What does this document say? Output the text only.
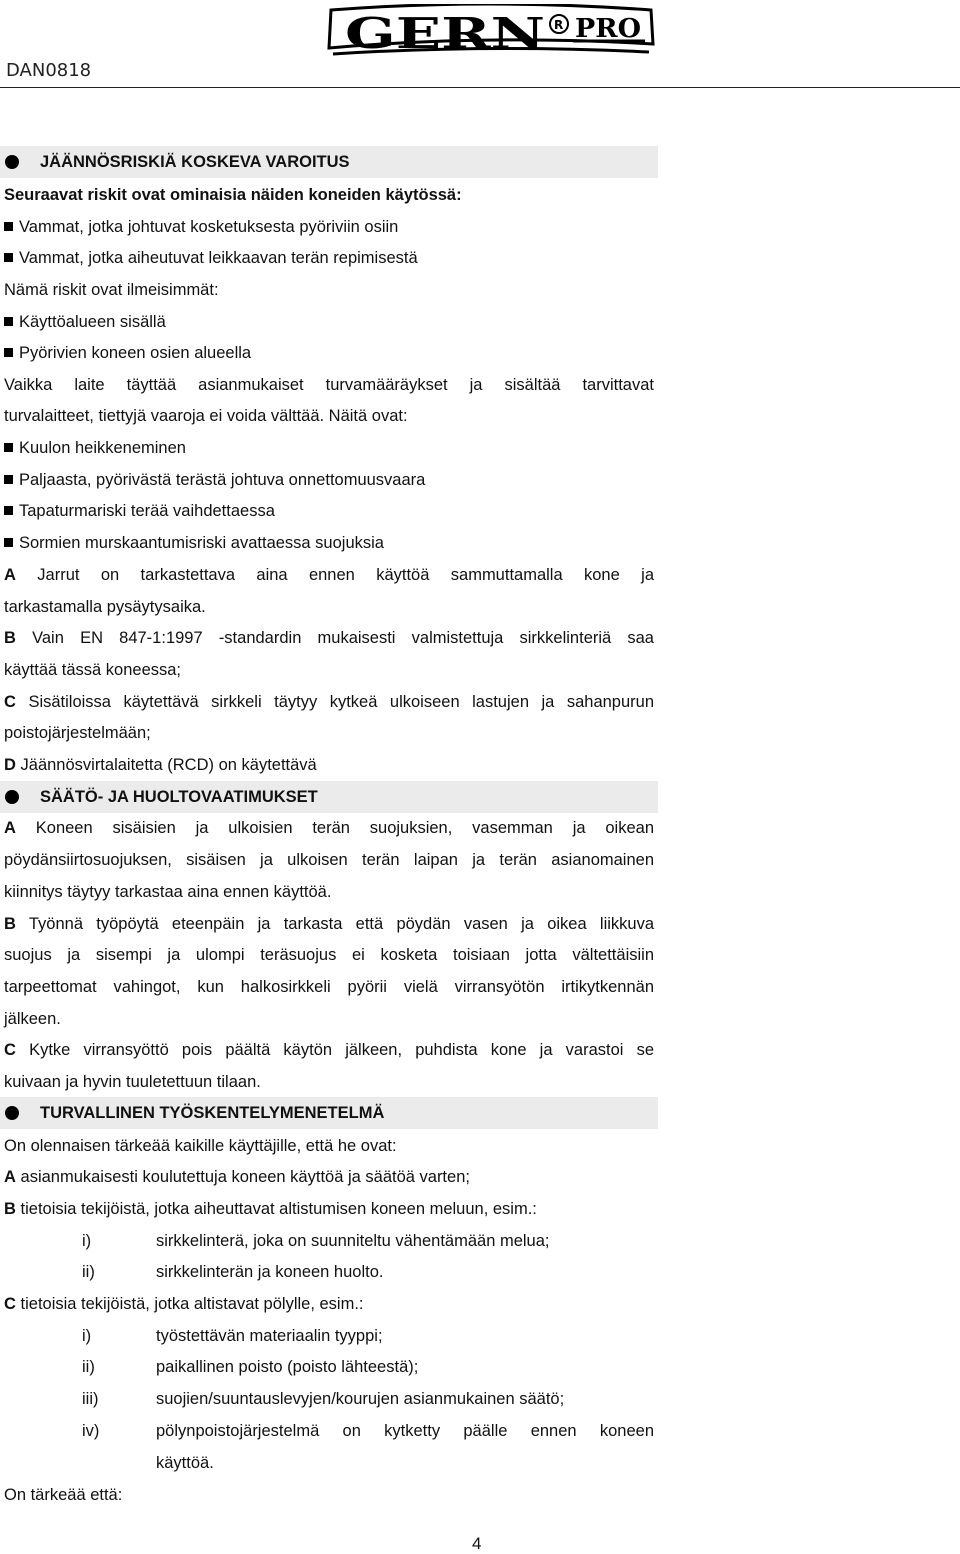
DAN0818
GERN R PRO
JÄÄNNÖSRISKIÄ KOSKEVA VAROITUS
Seuraavat riskit ovat ominaisia näiden koneiden käytössä:
Vammat, jotka johtuvat kosketuksesta pyöriviin osiin
Vammat, jotka aiheutuvat leikkaavan terän repimisestä
Nämä riskit ovat ilmeisimmät:
Käyttöalueen sisällä
Pyörivien koneen osien alueella
Vaikka laite täyttää asianmukaiset turvamääräykset ja sisältää tarvittavat
turvalaitteet, tiettyjä vaaroja ei voida välttää. Näitä ovat:
Kuulon heikkeneminen
Paljaasta, pyörivästä terästä johtuva onnettomuusvaara
Tapaturmariski terää vaihdettaessa
Sormien murskaantumisriski avattaessa suojuksia
A Jarrut on tarkastettava aina ennen käyttöä sammuttamalla kone ja
tarkastamalla pysäytysaika.
B Vain EN 847-1:1997 -standardin mukaisesti valmistettuja sirkkelinteriä saa
käyttää tässä koneessa;
C Sisätiloissa käytettävä sirkkeli täytyy kytkeä ulkoiseen lastujen ja sahanpurun
poistojärjestelmään;
D Jäännösvirtalaitetta (RCD) on käytettävä
SÄÄTÖ- JA HUOLTOVAATIMUKSET
A Koneen sisäisien ja ulkoisien terän suojuksien, vasemman ja oikean
pöydänsiirtosuojuksen, sisäisen ja ulkoisen terän laipan ja terän asianomainen
kiinnitys täytyy tarkastaa aina ennen käyttöä.
B Työnnä työpöytä eteenpäin ja tarkasta että pöydän vasen ja oikea liikkuva
suojus ja sisempi ja ulompi teräsuojus ei kosketa toisiaan jotta vältettäisiin
tarpeettomat vahingot, kun halkosirkkeli pyörii vielä virransyötön irtikytkennän
jälkeen.
C Kytke virransyöttö pois päältä käytön jälkeen, puhdista kone ja varastoi se
kuivaan ja hyvin tuuletettuun tilaan.
TURVALLINEN TYÖSKENTELYMENETELMÄ
On olennaisen tärkeää kaikille käyttäjille, että he ovat:
A asianmukaisesti koulutettuja koneen käyttöä ja säätöä varten;
B tietoisia tekijöistä, jotka aiheuttavat altistumisen koneen meluun, esim.:
i)	sirkkelinterä, joka on suunniteltu vähentämään melua;
ii)	sirkkelinterän ja koneen huolto.
C tietoisia tekijöistä, jotka altistavat pölylle, esim.:
i)	työstettävän materiaalin tyyppi;
ii)	paikallinen poisto (poisto lähteestä);
iii)	suojien/suuntauslevyjen/kourujen asianmukainen säätö;
iv)	pölynpoistojärjestelmä on kytketty päälle ennen koneen
käyttöä.
On tärkeää että:
4
